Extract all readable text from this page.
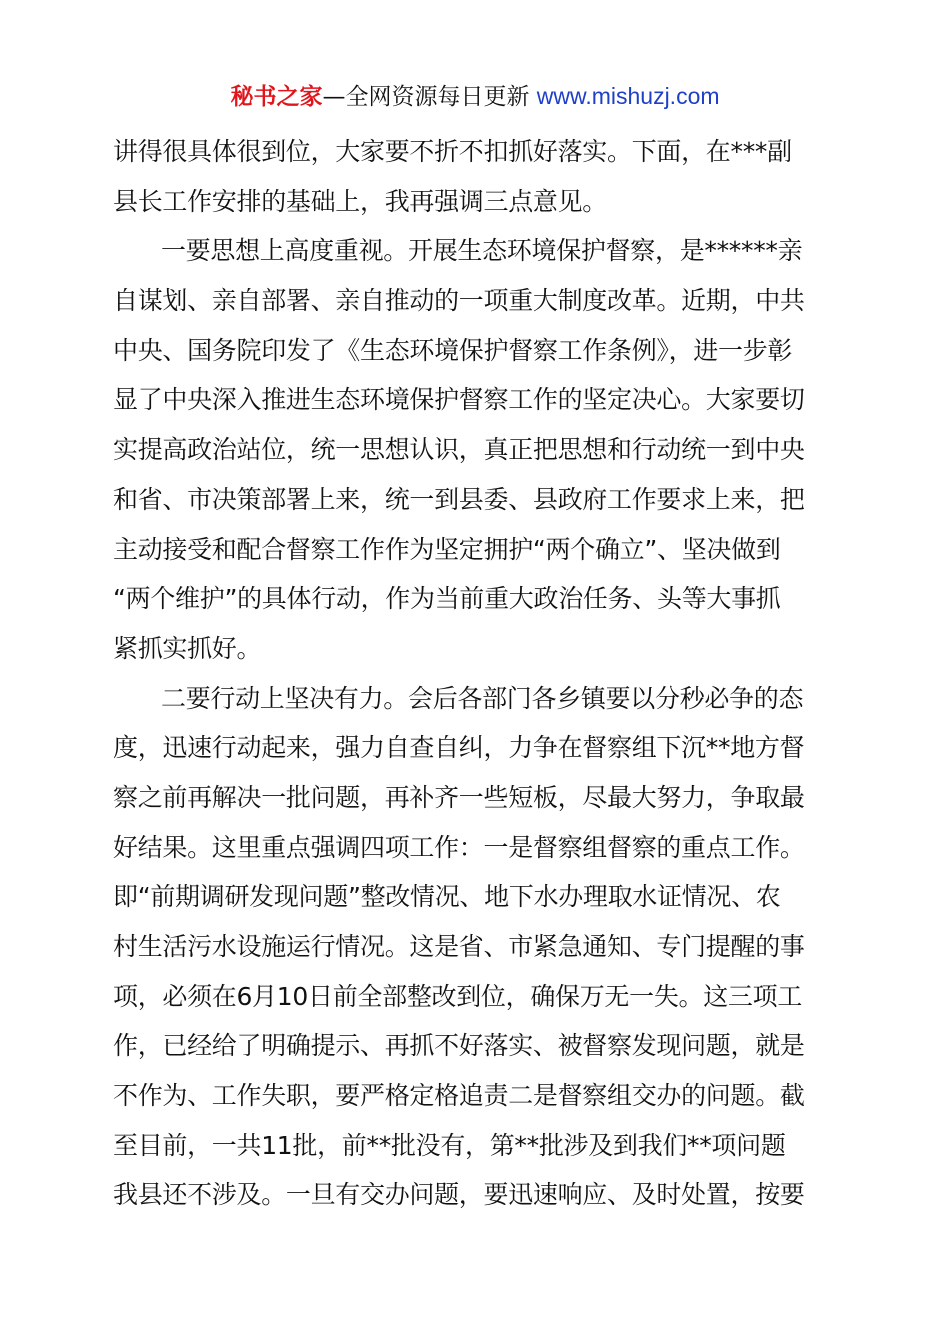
秘书之家—全网资源每日更新 www.mishuzj.com
讲得很具体很到位，大家要不折不扣抓好落实。下面，在***副
县长工作安排的基础上，我再强调三点意见。
一要思想上高度重视。开展生态环境保护督察，是******亲
自谋划、亲自部署、亲自推动的一项重大制度改革。近期，中共
中央、国务院印发了《生态环境保护督察工作条例》，进一步彰
显了中央深入推进生态环境保护督察工作的坚定决心。大家要切
实提高政治站位，统一思想认识，真正把思想和行动统一到中央
和省、市决策部署上来，统一到县委、县政府工作要求上来，把
主动接受和配合督察工作作为坚定拥护“两个确立”、坚决做到
“两个维护”的具体行动，作为当前重大政治任务、头等大事抓
紧抓实抓好。
二要行动上坚决有力。会后各部门各乡镇要以分秒必争的态
度，迅速行动起来，强力自查自纠，力争在督察组下沉**地方督
察之前再解决一批问题，再补齐一些短板，尽最大努力，争取最
好结果。这里重点强调四项工作：一是督察组督察的重点工作。
即“前期调研发现问题”整改情况、地下水办理取水证情况、农
村生活污水设施运行情况。这是省、市紧急通知、专门提醒的事
项，必须在6月10日前全部整改到位，确保万无一失。这三项工
作，已经给了明确提示、再抓不好落实、被督察发现问题，就是
不作为、工作失职，要严格定格追责二是督察组交办的问题。截
至目前，一共11批，前**批没有，第**批涉及到我们**项问题
我县还不涉及。一旦有交办问题，要迅速响应、及时处置，按要
